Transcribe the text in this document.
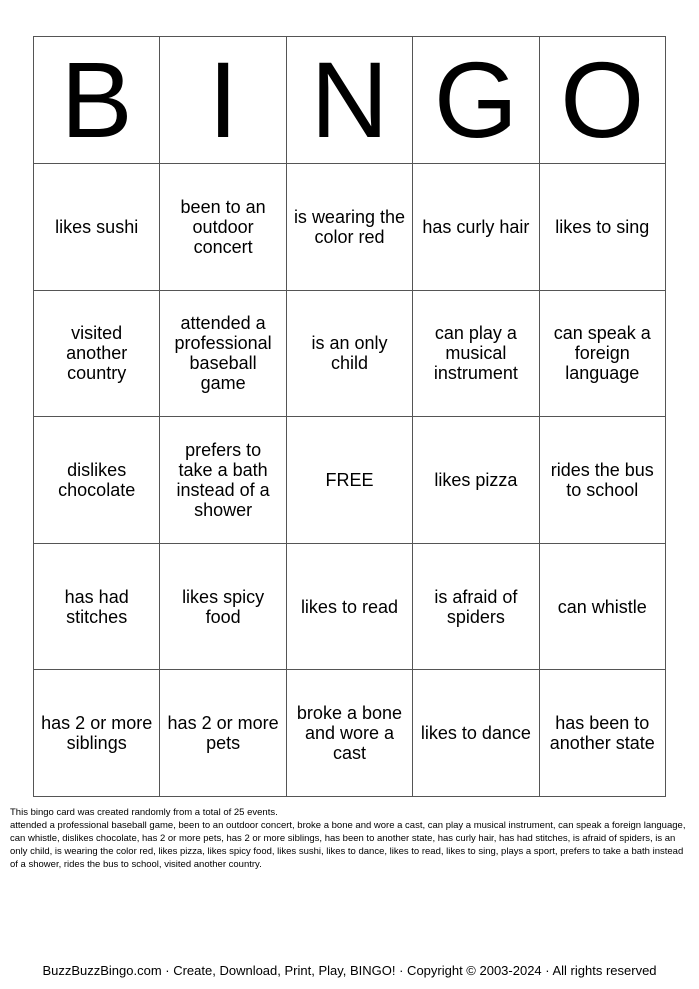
B	I	N	G	O
likes sushi	been to an outdoor concert	is wearing the color red	has curly hair	likes to sing
visited another country	attended a professional baseball game	is an only child	can play a musical instrument	can speak a foreign language
dislikes chocolate	prefers to take a bath instead of a shower	FREE	likes pizza	rides the bus to school
has had stitches	likes spicy food	likes to read	is afraid of spiders	can whistle
has 2 or more siblings	has 2 or more pets	broke a bone and wore a cast	likes to dance	has been to another state

This bingo card was created randomly from a total of 25 events.

attended a professional baseball game, been to an outdoor concert, broke a bone and wore a cast, can play a musical instrument, can speak a foreign language, can whistle, dislikes chocolate, has 2 or more pets, has 2 or more siblings, has been to another state, has curly hair, has had stitches, is afraid of spiders, is an only child, is wearing the color red, likes pizza, likes spicy food, likes sushi, likes to dance, likes to read, likes to sing, plays a sport, prefers to take a bath instead of a shower, rides the bus to school, visited another country.

BuzzBuzzBingo.com · Create, Download, Print, Play, BINGO! · Copyright © 2003-2024 · All rights reserved
